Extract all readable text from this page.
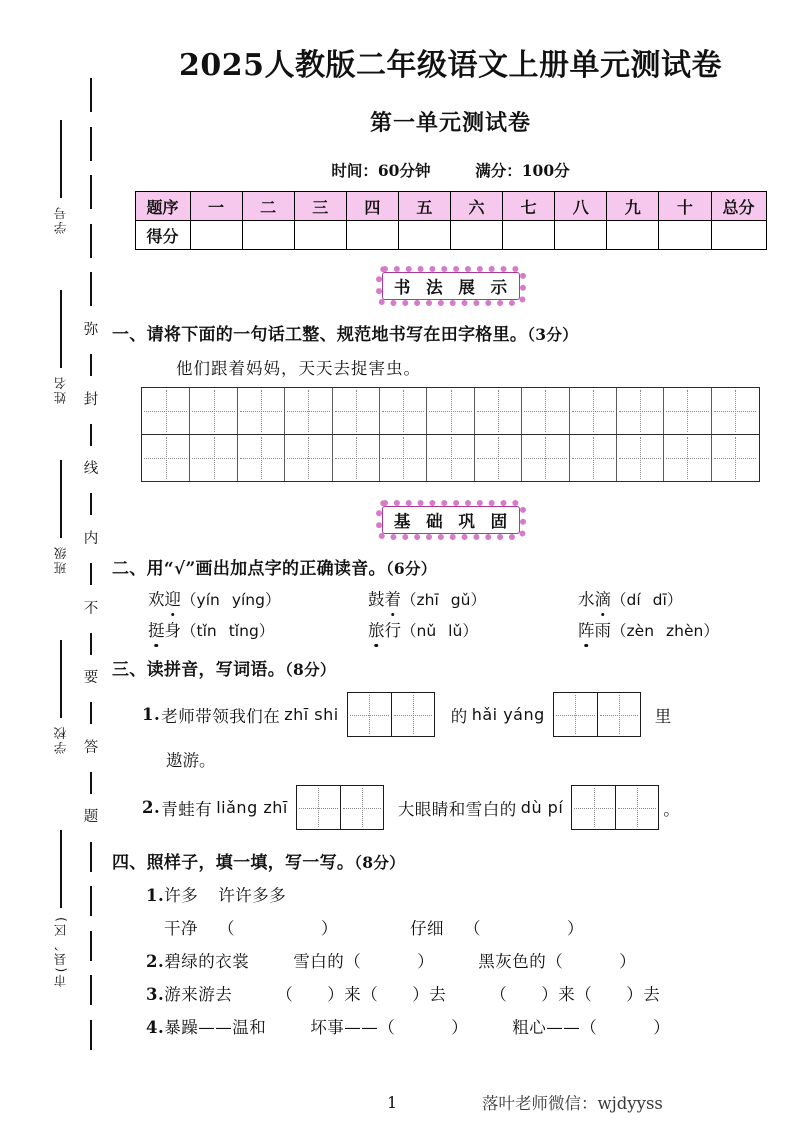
学号
姓名
班级
学校
市(县、区)
弥
封
线
内
不
要
答
题
2025人教版二年级语文上册单元测试卷
第一单元测试卷
时间：60分钟	满分：100分
题序	一	二	三	四	五	六	七	八	九	十	总分
得分											
书 法 展 示
一、请将下面的一句话工整、规范地书写在田字格里。（3分）
他们跟着妈妈，天天去捉害虫。
基 础 巩 固
二、用“√”画出加点字的正确读音。（6分）
欢迎（yín yíng）	鼓着（zhī gǔ）	水滴（dí dī）
挺身（tǐn tǐng）	旅行（nǔ lǔ）	阵雨（zèn zhèn）
三、读拼音，写词语。（8分）
1. 老师带领我们在 zhī shi	的 hǎi yáng	里
遨游。
2. 青蛙有 liǎng zhī	大眼睛和雪白的 dù pí	。
四、照样子，填一填，写一写。（8分）
1.许多 许许多多
干净 （	）	仔细 （	）
2.碧绿的衣裳	雪白的（	）	黑灰色的（	）
3.游来游去	（ ）来（ ）去	（ ）来（ ）去
4.暴躁——温和	坏事——（	）	粗心——（	）
1	落叶老师微信：wjdyyss
